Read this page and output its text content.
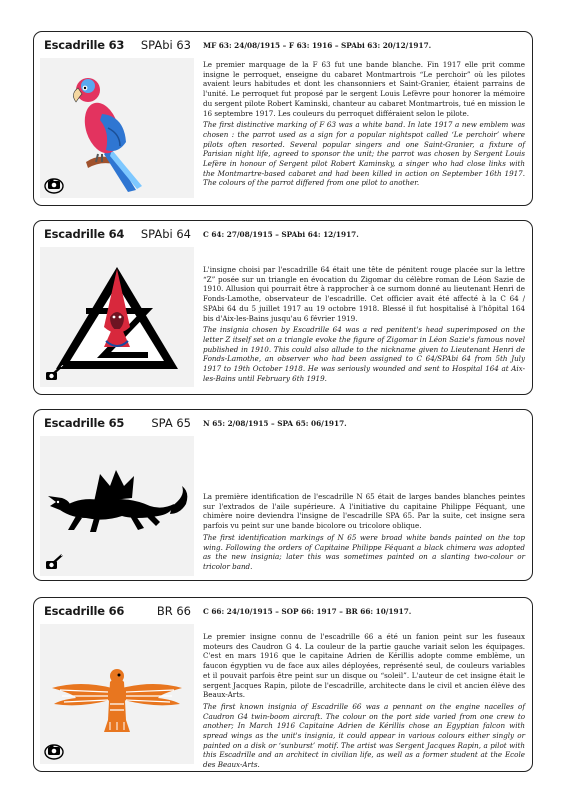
Escadrille 63 SPAbi 63 MF 63: 24/08/1915 – F 63: 1916 – SPAbi 63: 20/12/1917.

Le premier marquage de la F 63 fut une bande blanche. Fin 1917 elle prit comme insigne le perroquet, enseigne du cabaret Montmartrois “Le perchoir” où les pilotes avaient leurs habitudes et dont les chansonniers et Saint-Granier, étaient parrains de l'unité. Le perroquet fut proposé par le sergent Louis Lefèvre pour honorer la mémoire du sergent pilote Robert Kaminski, chanteur au cabaret Montmartrois, tué en mission le 16 septembre 1917. Les couleurs du perroquet différaient selon le pilote.

The first distinctive marking of F 63 was a white band. In late 1917 a new emblem was chosen : the parrot used as a sign for a popular nightspot called ‘Le perchoir’ where pilots often resorted. Several popular singers and one Saint-Granier, a fixture of Parisian night life, agreed to sponsor the unit; the parrot was chosen by Sergent Louis Lefère in honour of Sergent pilot Robert Kaminsky, a singer who had close links with the Montmartre-based cabaret and had been killed in action on September 16th 1917. The colours of the parrot differed from one pilot to another.

Escadrille 64 SPAbi 64 C 64: 27/08/1915 – SPAbi 64: 12/1917.

L'insigne choisi par l'escadrille 64 était une tête de pénitent rouge placée sur la lettre “Z” posée sur un triangle en évocation du Zigomar du célèbre roman de Léon Sazie de 1910. Allusion qui pourrait être à rapprocher à ce surnom donné au lieutenant Henri de Fonds-Lamothe, observateur de l'escadrille. Cet officier avait été affecté à la C 64 / SPAbi 64 du 5 juillet 1917 au 19 octobre 1918. Blessé il fut hospitalisé à l'hôpital 164 bis d'Aix-les-Bains jusqu'au 6 février 1919.

The insignia chosen by Escadrille 64 was a red penitent's head superimposed on the letter Z itself set on a triangle evoke the figure of Zigomar in Léon Sazie's famous novel published in 1910. This could also allude to the nickname given to Lieutenant Henri de Fonds-Lamothe, an observer who had been assigned to C 64/SPAbi 64 from 5th July 1917 to 19th October 1918. He was seriously wounded and sent to Hospital 164 at Aix-les-Bains until February 6th 1919.

Escadrille 65 SPA 65 N 65: 2/08/1915 – SPA 65: 06/1917.

La première identification de l'escadrille N 65 était de larges bandes blanches peintes sur l'extrados de l'aile supérieure. A l'initiative du capitaine Philippe Féquant, une chimère noire deviendra l'insigne de l'escadrille SPA 65. Par la suite, cet insigne sera parfois vu peint sur une bande bicolore ou tricolore oblique.

The first identification markings of N 65 were broad white bands painted on the top wing. Following the orders of Capitaine Philippe Féquant a black chimera was adopted as the new insignia; later this was sometimes painted on a slanting two-colour or tricolor band.

Escadrille 66	BR 66 C 66: 24/10/1915 – SOP 66: 1917 – BR 66: 10/1917.

Le premier insigne connu de l'escadrille 66 a été un fanion peint sur les fuseaux moteurs des Caudron G 4. La couleur de la partie gauche variait selon les équipages. C'est en mars 1916 que le capitaine Adrien de Kérillis adopte comme emblème, un faucon égyptien vu de face aux ailes déployées, représenté seul, de couleurs variables et il pouvait parfois être peint sur un disque ou “soleil”. L'auteur de cet insigne était le sergent Jacques Rapin, pilote de l'escadrille, architecte dans le civil et ancien élève des Beaux-Arts.

The first known insignia of Escadrille 66 was a pennant on the engine nacelles of Caudron G4 twin-boom aircraft. The colour on the port side varied from one crew to another; In March 1916 Capitaine Adrien de Kérillis chose an Egyptian falcon with spread wings as the unit's insignia, it could appear in various colours either singly or painted on a disk or ‘sunburst’ motif. The artist was Sergent Jacques Rapin, a pilot with this Escadrille and an architect in civilian life, as well as a former student at the Ecole des Beaux-Arts.
